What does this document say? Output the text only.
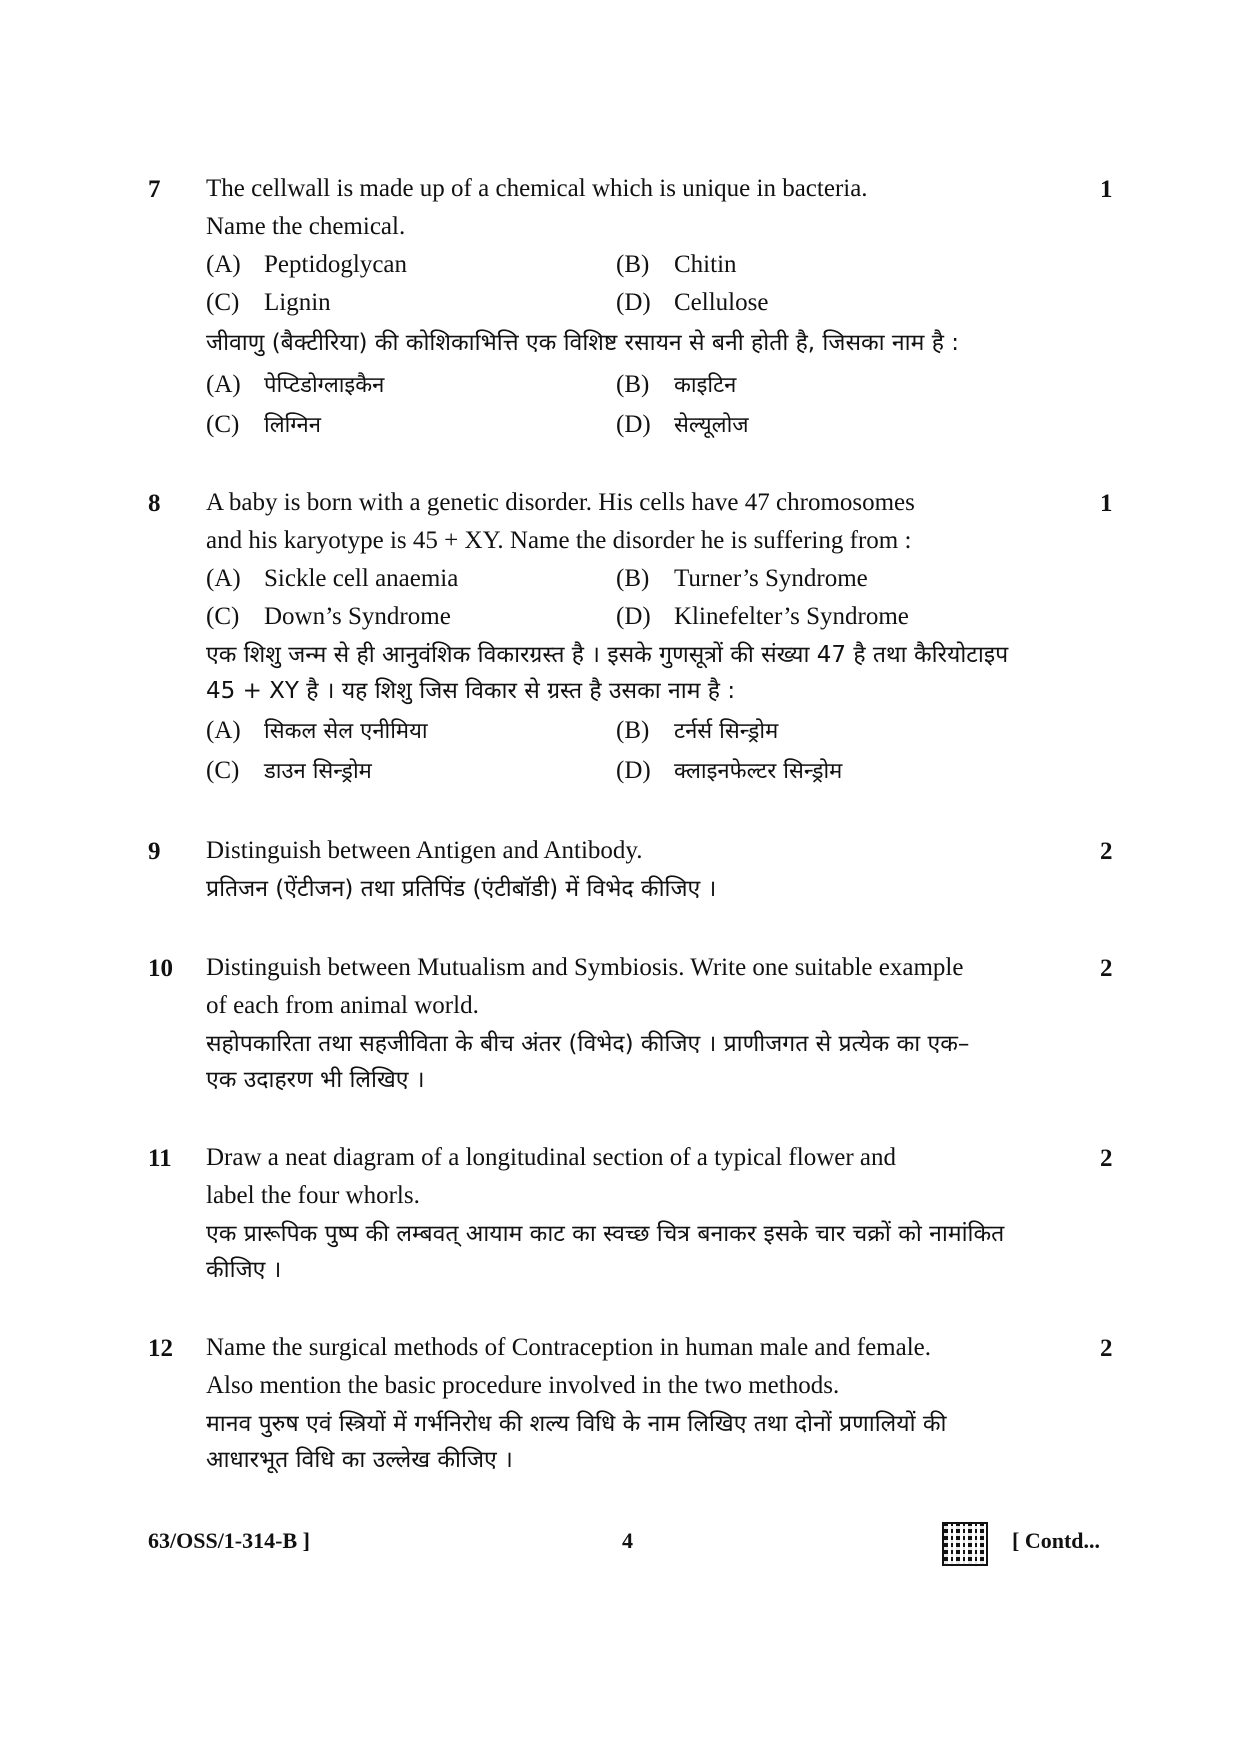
7	1
The cellwall is made up of a chemical which is unique in bacteria.
Name the chemical.
(A) Peptidoglycan	(B) Chitin
(C) Lignin	(D) Cellulose
जीवाणु (बैक्टीरिया) की कोशिकाभित्ति एक विशिष्ट रसायन से बनी होती है, जिसका नाम है :
(A) पेप्टिडोग्लाइकैन	(B) काइटिन
(C) लिग्निन	(D) सेल्यूलोज
8	1
A baby is born with a genetic disorder. His cells have 47 chromosomes
and his karyotype is 45 + XY. Name the disorder he is suffering from :
(A) Sickle cell anaemia	(B) Turner’s Syndrome
(C) Down’s Syndrome	(D) Klinefelter’s Syndrome
एक शिशु जन्म से ही आनुवंशिक विकारग्रस्त है । इसके गुणसूत्रों की संख्या 47 है तथा कैरियोटाइप
45 + XY है । यह शिशु जिस विकार से ग्रस्त है उसका नाम है :
(A) सिकल सेल एनीमिया	(B) टर्नर्स सिन्ड्रोम
(C) डाउन सिन्ड्रोम	(D) क्लाइनफेल्टर सिन्ड्रोम
9	2
Distinguish between Antigen and Antibody.
प्रतिजन (ऐंटीजन) तथा प्रतिपिंड (एंटीबॉडी) में विभेद कीजिए ।
10	2
Distinguish between Mutualism and Symbiosis. Write one suitable example
of each from animal world.
सहोपकारिता तथा सहजीविता के बीच अंतर (विभेद) कीजिए । प्राणीजगत से प्रत्येक का एक–
एक उदाहरण भी लिखिए ।
11	2
Draw a neat diagram of a longitudinal section of a typical flower and
label the four whorls.
एक प्रारूपिक पुष्प की लम्बवत् आयाम काट का स्वच्छ चित्र बनाकर इसके चार चक्रों को नामांकित
कीजिए ।
12	2
Name the surgical methods of Contraception in human male and female.
Also mention the basic procedure involved in the two methods.
मानव पुरुष एवं स्त्रियों में गर्भनिरोध की शल्य विधि के नाम लिखिए तथा दोनों प्रणालियों की
आधारभूत विधि का उल्लेख कीजिए ।
63/OSS/1-314-B ]	4	[ Contd...
